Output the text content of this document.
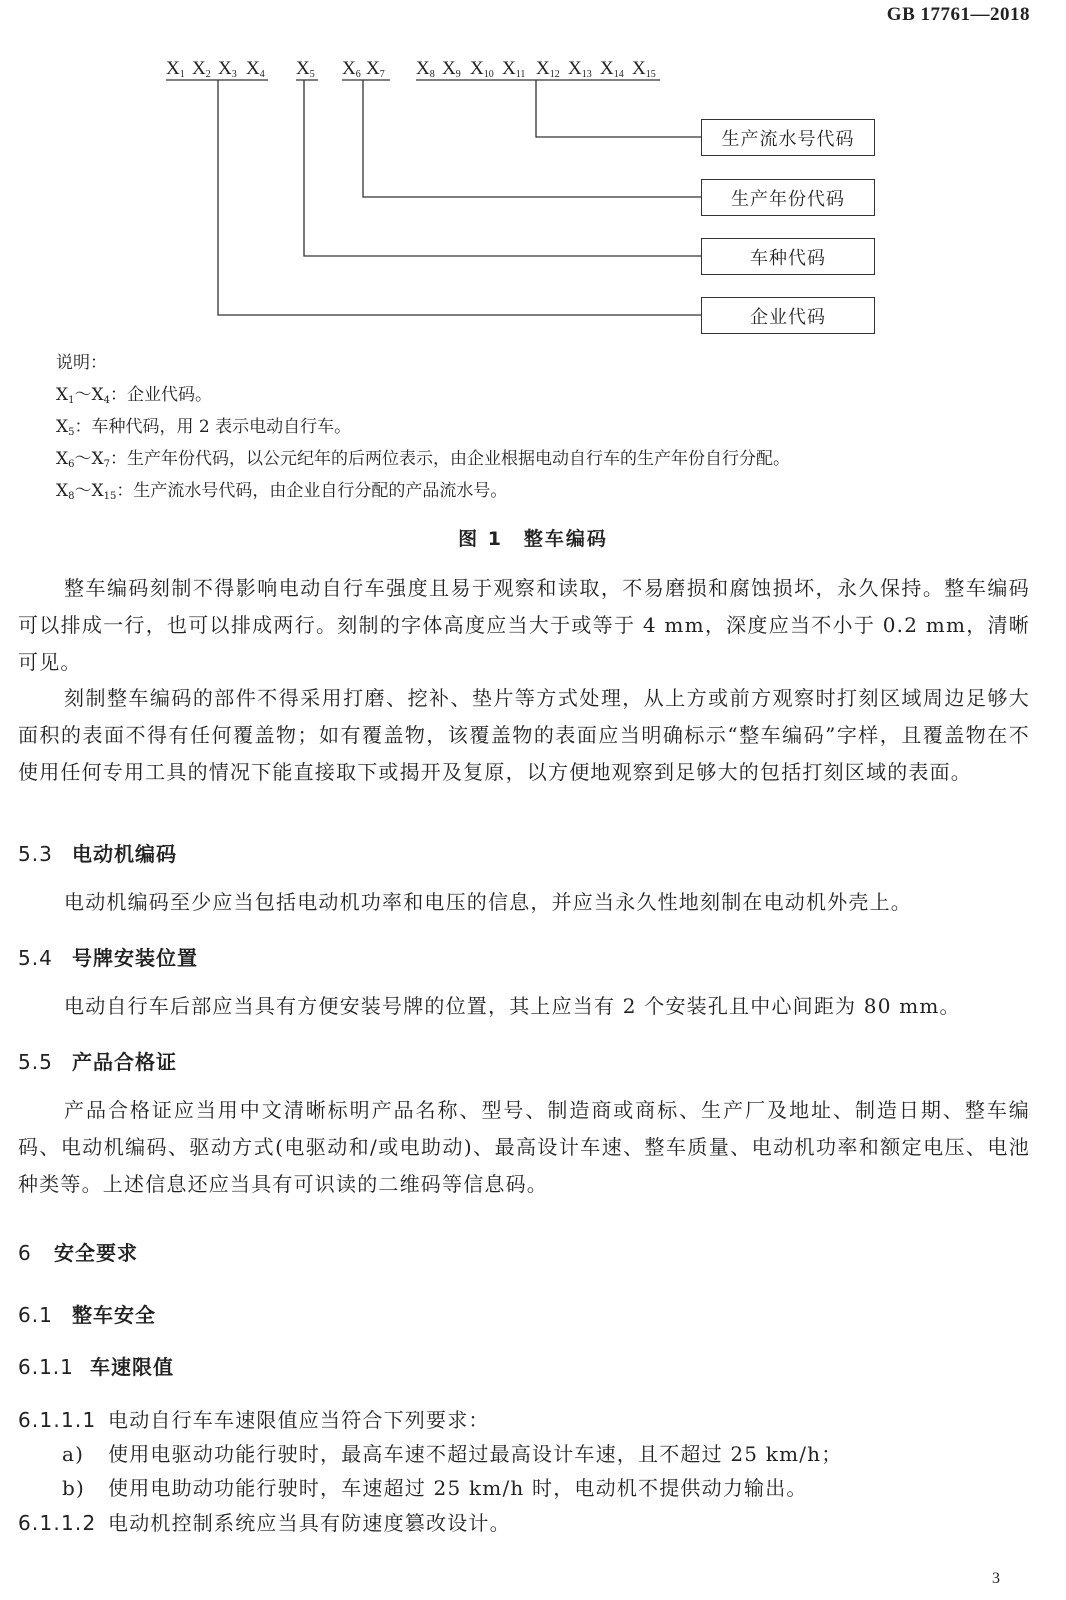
GB 17761—2018
$X_1$ $X_2$ $X_3$ $X_4$ $X_5$ $X_6$ $X_7$ $X_8$ $X_9$ $X_{10}$ $X_{11}$ $X_{12}$ $X_{13}$ $X_{14}$ $X_{15}$
生产流水号代码
生产年份代码
车种代码
企业代码
说明：
$X_1\sim X_4$：企业代码。
$X_5$：车种代码，用 2 表示电动自行车。
$X_6\sim X_7$：生产年份代码，以公元纪年的后两位表示，由企业根据电动自行车的生产年份自行分配。
$X_8\sim X_{15}$：生产流水号代码，由企业自行分配的产品流水号。
图 1　整车编码

整车编码刻制不得影响电动自行车强度且易于观察和读取，不易磨损和腐蚀损坏，永久保持。整车编码可以排成一行，也可以排成两行。刻制的字体高度应当大于或等于 4 mm，深度应当不小于 0.2 mm，清晰可见。

刻制整车编码的部件不得采用打磨、挖补、垫片等方式处理，从上方或前方观察时打刻区域周边足够大面积的表面不得有任何覆盖物；如有覆盖物，该覆盖物的表面应当明确标示“整车编码”字样，且覆盖物在不使用任何专用工具的情况下能直接取下或揭开及复原，以方便地观察到足够大的包括打刻区域的表面。

5.3 电动机编码

电动机编码至少应当包括电动机功率和电压的信息，并应当永久性地刻制在电动机外壳上。

5.4 号牌安装位置

电动自行车后部应当具有方便安装号牌的位置，其上应当有 2 个安装孔且中心间距为 80 mm。

5.5 产品合格证

产品合格证应当用中文清晰标明产品名称、型号、制造商或商标、生产厂及地址、制造日期、整车编码、电动机编码、驱动方式(电驱动和/或电助动)、最高设计车速、整车质量、电动机功率和额定电压、电池种类等。上述信息还应当具有可识读的二维码等信息码。

6 安全要求
6.1 整车安全
6.1.1 车速限值
6.1.1.1 电动自行车车速限值应当符合下列要求：
a) 使用电驱动功能行驶时，最高车速不超过最高设计车速，且不超过 25 km/h；
b) 使用电助动功能行驶时，车速超过 25 km/h 时，电动机不提供动力输出。
6.1.1.2 电动机控制系统应当具有防速度篡改设计。
3
